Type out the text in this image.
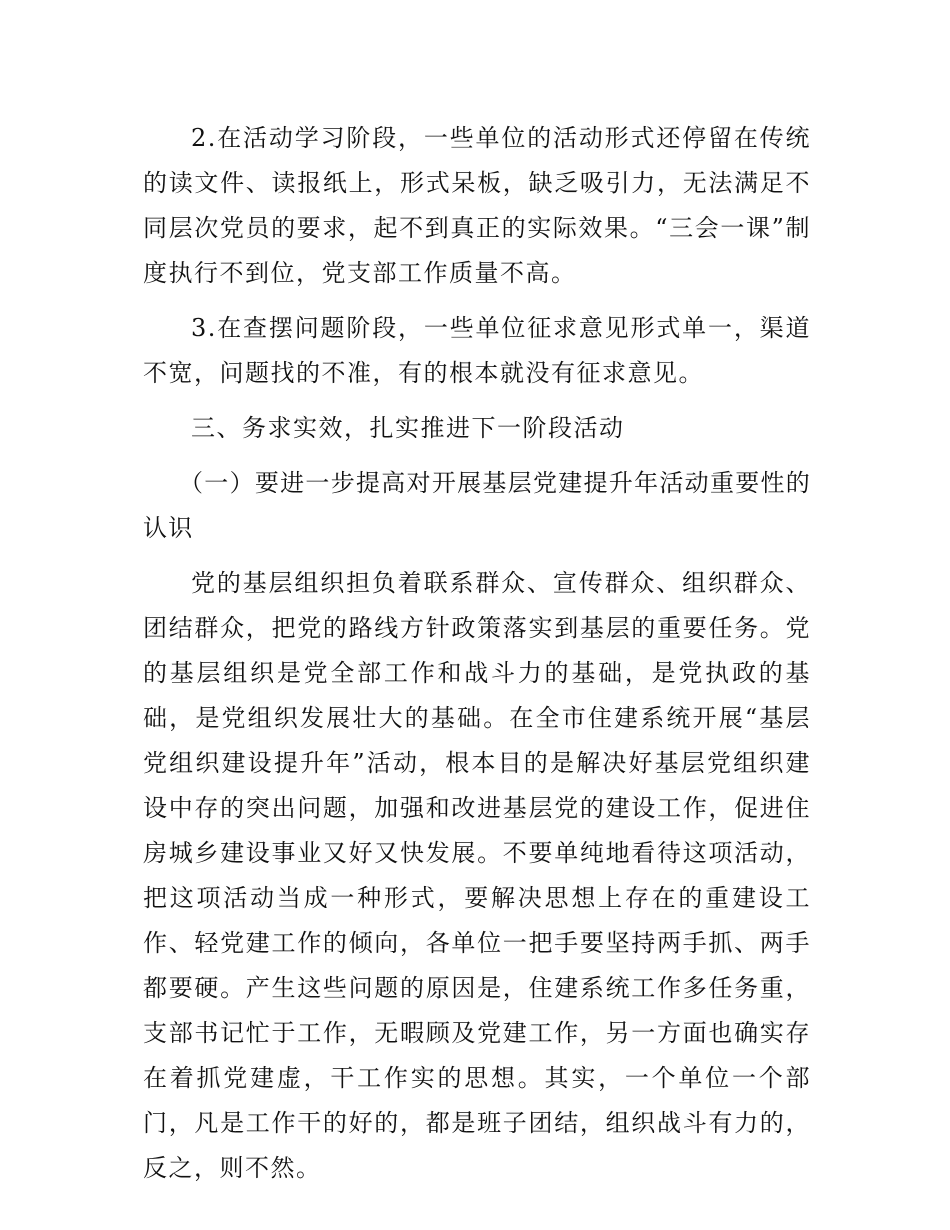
2.在活动学习阶段，一些单位的活动形式还停留在传统的读文件、读报纸上，形式呆板，缺乏吸引力，无法满足不同层次党员的要求，起不到真正的实际效果。“三会一课”制度执行不到位，党支部工作质量不高。

3.在查摆问题阶段，一些单位征求意见形式单一，渠道不宽，问题找的不准，有的根本就没有征求意见。

三、务求实效，扎实推进下一阶段活动

（一）要进一步提高对开展基层党建提升年活动重要性的认识

党的基层组织担负着联系群众、宣传群众、组织群众、团结群众，把党的路线方针政策落实到基层的重要任务。党的基层组织是党全部工作和战斗力的基础，是党执政的基础，是党组织发展壮大的基础。在全市住建系统开展“基层党组织建设提升年”活动，根本目的是解决好基层党组织建设中存的突出问题，加强和改进基层党的建设工作，促进住房城乡建设事业又好又快发展。不要单纯地看待这项活动，把这项活动当成一种形式，要解决思想上存在的重建设工作、轻党建工作的倾向，各单位一把手要坚持两手抓、两手都要硬。产生这些问题的原因是，住建系统工作多任务重，支部书记忙于工作，无暇顾及党建工作，另一方面也确实存在着抓党建虚，干工作实的思想。其实，一个单位一个部门，凡是工作干的好的，都是班子团结，组织战斗有力的，反之，则不然。
